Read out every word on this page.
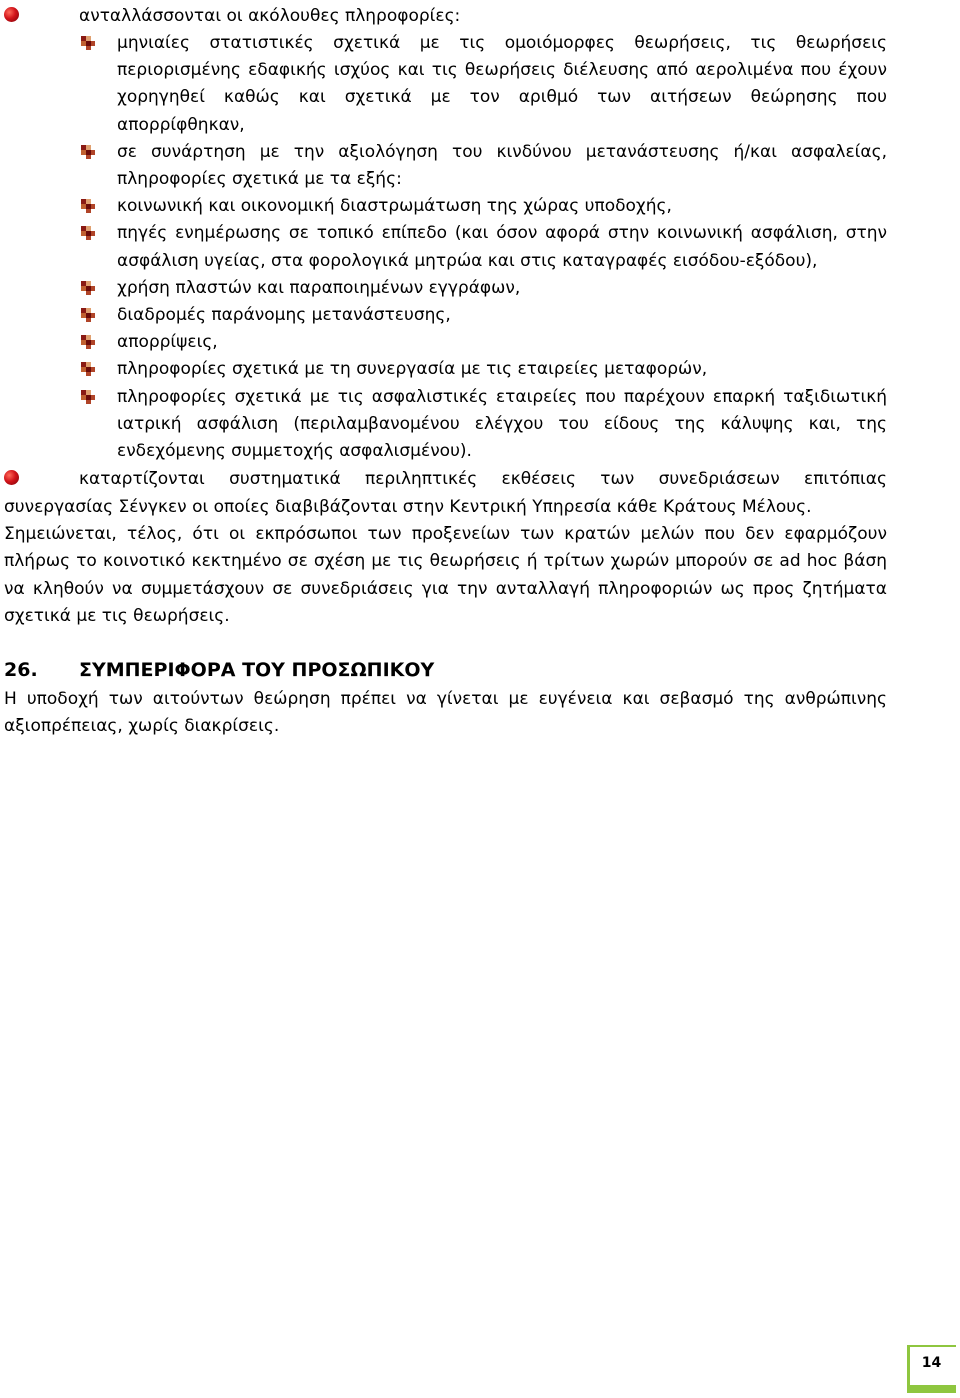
ανταλλάσσονται οι ακόλουθες πληροφορίες:
μηνιαίες στατιστικές σχετικά με τις ομοιόμορφες θεωρήσεις, τις θεωρήσεις
περιορισμένης εδαφικής ισχύος και τις θεωρήσεις διέλευσης από αερολιμένα που έχουν
χορηγηθεί καθώς και σχετικά με τον αριθμό των αιτήσεων θεώρησης που
απορρίφθηκαν,
σε συνάρτηση με την αξιολόγηση του κινδύνου μετανάστευσης ή/και ασφαλείας,
πληροφορίες σχετικά με τα εξής:
κοινωνική και οικονομική διαστρωμάτωση της χώρας υποδοχής,
πηγές ενημέρωσης σε τοπικό επίπεδο (και όσον αφορά στην κοινωνική ασφάλιση, στην
ασφάλιση υγείας, στα φορολογικά μητρώα και στις καταγραφές εισόδου-εξόδου),
χρήση πλαστών και παραποιημένων εγγράφων,
διαδρομές παράνομης μετανάστευσης,
απορρίψεις,
πληροφορίες σχετικά με τη συνεργασία με τις εταιρείες μεταφορών,
πληροφορίες σχετικά με τις ασφαλιστικές εταιρείες που παρέχουν επαρκή ταξιδιωτική
ιατρική ασφάλιση (περιλαμβανομένου ελέγχου του είδους της κάλυψης και, της
ενδεχόμενης συμμετοχής ασφαλισμένου).
καταρτίζονται συστηματικά περιληπτικές εκθέσεις των συνεδριάσεων επιτόπιας
συνεργασίας Σένγκεν οι οποίες διαβιβάζονται στην Κεντρική Υπηρεσία κάθε Κράτους Μέλους.
Σημειώνεται, τέλος, ότι οι εκπρόσωποι των προξενείων των κρατών μελών που δεν εφαρμόζουν
πλήρως το κοινοτικό κεκτημένο σε σχέση με τις θεωρήσεις ή τρίτων χωρών μπορούν σε ad hoc βάση
να κληθούν να συμμετάσχουν σε συνεδριάσεις για την ανταλλαγή πληροφοριών ως προς ζητήματα
σχετικά με τις θεωρήσεις.
26. ΣΥΜΠΕΡΙΦΟΡΑ ΤΟΥ ΠΡΟΣΩΠΙΚΟΥ
Η υποδοχή των αιτούντων θεώρηση πρέπει να γίνεται με ευγένεια και σεβασμό της ανθρώπινης
αξιοπρέπειας, χωρίς διακρίσεις.
14
